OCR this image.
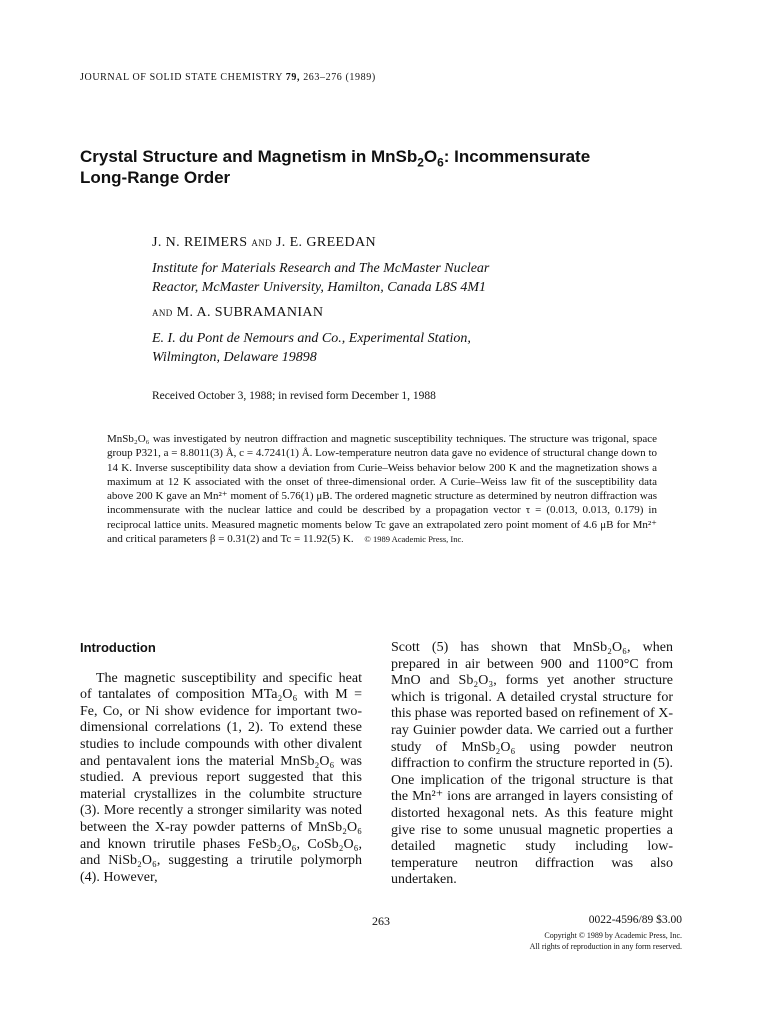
JOURNAL OF SOLID STATE CHEMISTRY 79, 263–276 (1989)
Crystal Structure and Magnetism in $MnSb_2O_6$: Incommensurate
Long-Range Order
J. N. REIMERS and J. E. GREEDAN
Institute for Materials Research and The McMaster Nuclear
Reactor, McMaster University, Hamilton, Canada L8S 4M1
and M. A. SUBRAMANIAN
E. I. du Pont de Nemours and Co., Experimental Station,
Wilmington, Delaware 19898
Received October 3, 1988; in revised form December 1, 1988
MnSb₂O₆ was investigated by neutron diffraction and magnetic susceptibility techniques. The structure was trigonal, space group P321, a = 8.8011(3) Å, c = 4.7241(1) Å. Low-temperature neutron data gave no evidence of structural change down to 14 K. Inverse susceptibility data show a deviation from Curie–Weiss behavior below 200 K and the magnetization shows a maximum at 12 K associated with the onset of three-dimensional order. A Curie–Weiss law fit of the susceptibility data above 200 K gave an Mn²⁺ moment of 5.76(1) μB. The ordered magnetic structure as determined by neutron diffraction was incommensurate with the nuclear lattice and could be described by a propagation vector τ = (0.013, 0.013, 0.179) in reciprocal lattice units. Measured magnetic moments below Tc gave an extrapolated zero point moment of 4.6 μB for Mn²⁺ and critical parameters β = 0.31(2) and Tc = 11.92(5) K. © 1989 Academic Press, Inc.
Introduction

The magnetic susceptibility and specific heat of tantalates of composition MTa₂O₆ with M = Fe, Co, or Ni show evidence for important two-dimensional correlations (1, 2). To extend these studies to include compounds with other divalent and pentavalent ions the material MnSb₂O₆ was studied. A previous report suggested that this material crystallizes in the columbite structure (3). More recently a stronger similarity was noted between the X-ray powder patterns of MnSb₂O₆ and known trirutile phases FeSb₂O₆, CoSb₂O₆, and NiSb₂O₆, suggesting a trirutile polymorph (4). However,

Scott (5) has shown that MnSb₂O₆, when prepared in air between 900 and 1100°C from MnO and Sb₂O₃, forms yet another structure which is trigonal. A detailed crystal structure for this phase was reported based on refinement of X-ray Guinier powder data. We carried out a further study of MnSb₂O₆ using powder neutron diffraction to confirm the structure reported in (5). One implication of the trigonal structure is that the Mn²⁺ ions are arranged in layers consisting of distorted hexagonal nets. As this feature might give rise to some unusual magnetic properties a detailed magnetic study including low-temperature neutron diffraction was also undertaken.

263	0022-4596/89 $3.00
Copyright © 1989 by Academic Press, Inc.
All rights of reproduction in any form reserved.
